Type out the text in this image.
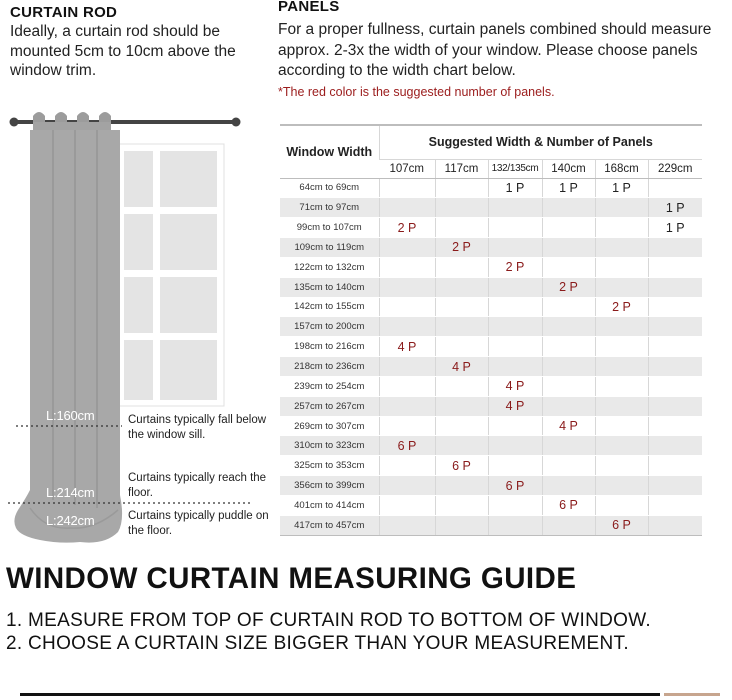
CURTAIN ROD
Ideally, a curtain rod should be mounted 5cm to 10cm above the window trim.
PANELS
For a proper fullness, curtain panels combined should measure approx. 2-3x the width of your window. Please choose panels according to the width chart below.
*The red color is the suggested number of panels.
L:160cm
L:214cm
L:242cm
Curtains typically fall below the window sill.
Curtains typically reach the floor.
Curtains typically puddle on the floor.
Window Width	Suggested Width & Number of Panels					
	107cm	117cm	132/135cm	140cm	168cm	229cm
64cm to 69cm			1 P	1 P	1 P	
71cm to 97cm						1 P
99cm to 107cm	2 P					1 P
109cm to 119cm		2 P				
122cm to 132cm			2 P			
135cm to 140cm				2 P		
142cm to 155cm					2 P	
157cm to 200cm						
198cm to 216cm	4 P					
218cm to 236cm		4 P				
239cm to 254cm			4 P			
257cm to 267cm			4 P			
269cm to 307cm				4 P		
310cm to 323cm	6 P					
325cm to 353cm		6 P				
356cm to 399cm			6 P			
401cm to 414cm				6 P		
417cm to 457cm					6 P	
WINDOW CURTAIN MEASURING GUIDE
1. MEASURE FROM TOP OF CURTAIN ROD TO BOTTOM OF WINDOW.
2. CHOOSE A CURTAIN SIZE BIGGER THAN YOUR MEASUREMENT.
